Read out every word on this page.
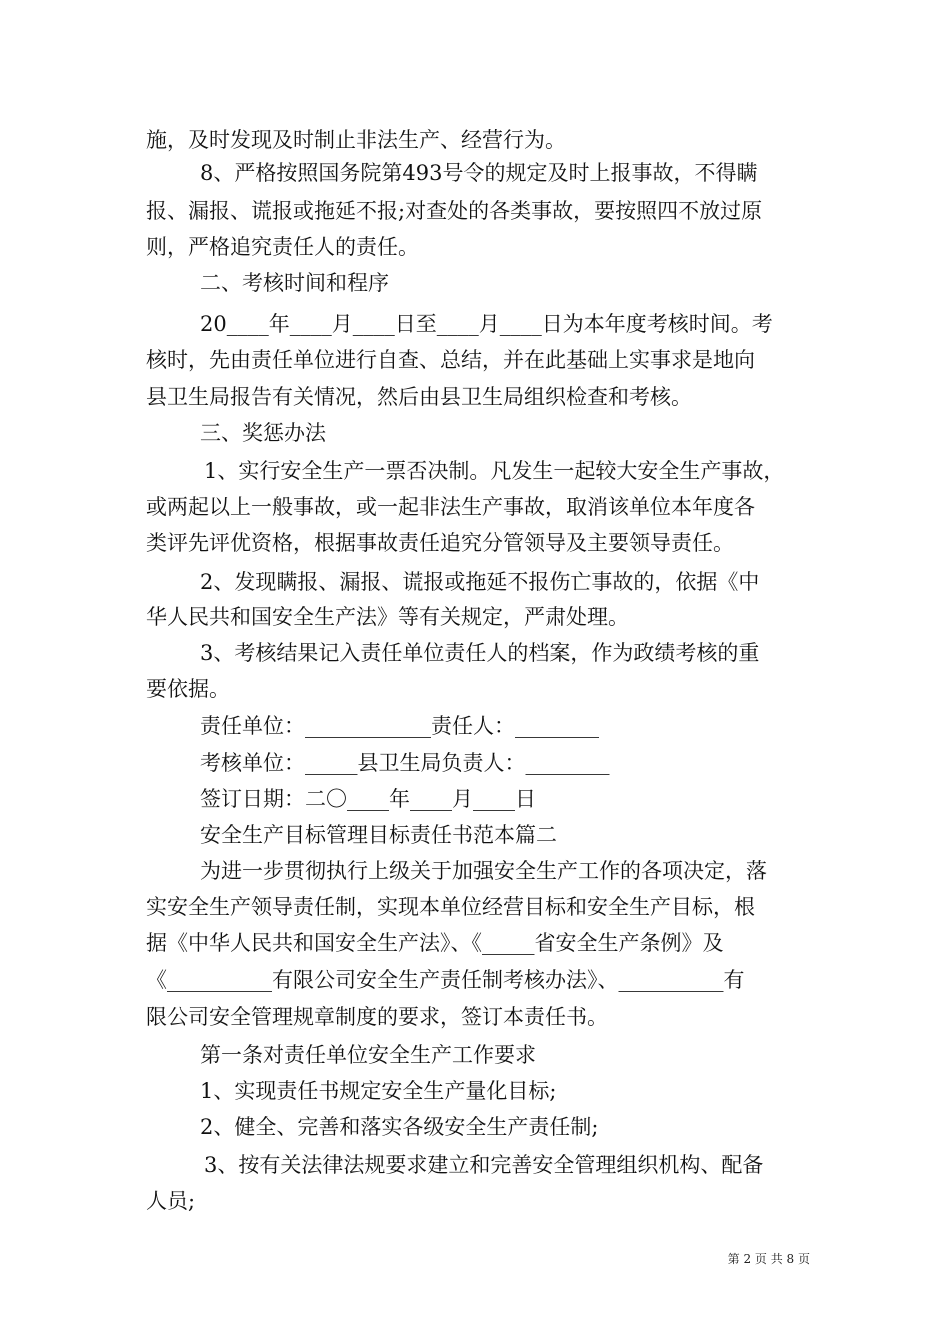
施，及时发现及时制止非法生产、经营行为。
8、严格按照国务院第493号令的规定及时上报事故，不得瞒
报、漏报、谎报或拖延不报;对查处的各类事故，要按照四不放过原
则，严格追究责任人的责任。
二、考核时间和程序
20____年____月____日至____月____日为本年度考核时间。考
核时，先由责任单位进行自查、总结，并在此基础上实事求是地向
县卫生局报告有关情况，然后由县卫生局组织检查和考核。
三、奖惩办法
1、实行安全生产一票否决制。凡发生一起较大安全生产事故，
或两起以上一般事故，或一起非法生产事故，取消该单位本年度各
类评先评优资格，根据事故责任追究分管领导及主要领导责任。
2、发现瞒报、漏报、谎报或拖延不报伤亡事故的，依据《中
华人民共和国安全生产法》等有关规定，严肃处理。
3、考核结果记入责任单位责任人的档案，作为政绩考核的重
要依据。
责任单位：____________责任人：________
考核单位：_____县卫生局负责人：________
签订日期：二〇____年____月____日
安全生产目标管理目标责任书范本篇二
为进一步贯彻执行上级关于加强安全生产工作的各项决定，落
实安全生产领导责任制，实现本单位经营目标和安全生产目标，根
据《中华人民共和国安全生产法》、《_____省安全生产条例》及
《__________有限公司安全生产责任制考核办法》、__________有
限公司安全管理规章制度的要求，签订本责任书。
第一条对责任单位安全生产工作要求
1、实现责任书规定安全生产量化目标;
2、健全、完善和落实各级安全生产责任制;
3、按有关法律法规要求建立和完善安全管理组织机构、配备
人员;
第 2 页 共 8 页
